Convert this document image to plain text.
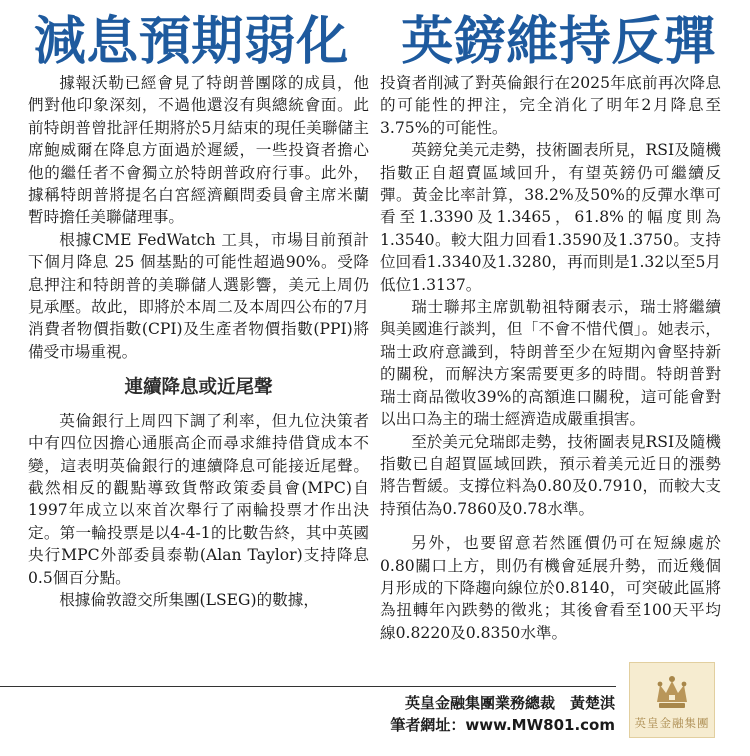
減息預期弱化　英鎊維持反彈

據報沃勒已經會見了特朗普團隊的成員，他們對他印象深刻，不過他還沒有與總統會面。此前特朗普曾批評任期將於5月結束的現任美聯儲主席鮑威爾在降息方面過於遲緩，一些投資者擔心他的繼任者不會獨立於特朗普政府行事。此外，據稱特朗普將提名白宮經濟顧問委員會主席米蘭暫時擔任美聯儲理事。

根據CME FedWatch 工具，市場目前預計下個月降息 25 個基點的可能性超過90%。受降息押注和特朗普的美聯儲人選影響，美元上周仍見承壓。故此，即將於本周二及本周四公布的7月消費者物價指數(CPI)及生產者物價指數(PPI)將備受市場重視。

連續降息或近尾聲

英倫銀行上周四下調了利率，但九位決策者中有四位因擔心通脹高企而尋求維持借貸成本不變，這表明英倫銀行的連續降息可能接近尾聲。截然相反的觀點導致貨幣政策委員會(MPC)自1997年成立以來首次舉行了兩輪投票才作出決定。第一輪投票是以4-4-1的比數告終，其中英國央行MPC外部委員泰勒(Alan Taylor)支持降息0.5個百分點。

根據倫敦證交所集團(LSEG)的數據，

投資者削減了對英倫銀行在2025年底前再次降息的可能性的押注，完全消化了明年2月降息至3.75%的可能性。

英鎊兌美元走勢，技術圖表所見，RSI及隨機指數正自超賣區域回升，有望英鎊仍可繼續反彈。黃金比率計算，38.2%及50%的反彈水準可看至1.3390及1.3465，61.8%的幅度則為1.3540。較大阻力回看1.3590及1.3750。支持位回看1.3340及1.3280，再而則是1.32以至5月低位1.3137。

瑞士聯邦主席凱勒祖特爾表示，瑞士將繼續與美國進行談判，但「不會不惜代價」。她表示，瑞士政府意識到，特朗普至少在短期內會堅持新的關稅，而解決方案需要更多的時間。特朗普對瑞士商品徵收39%的高額進口關稅，這可能會對以出口為主的瑞士經濟造成嚴重損害。

至於美元兌瑞郎走勢，技術圖表見RSI及隨機指數已自超買區域回跌，預示着美元近日的漲勢將告暫緩。支撐位料為0.80及0.7910，而較大支持預估為0.7860及0.78水準。

另外，也要留意若然匯價仍可在短線處於0.80關口上方，則仍有機會延展升勢，而近幾個月形成的下降趨向線位於0.8140，可突破此區將為扭轉年內跌勢的徵兆；其後會看至100天平均線0.8220及0.8350水準。

英皇金融集團業務總裁　黃楚淇
筆者網址：www.MW801.com 英皇金融集團
